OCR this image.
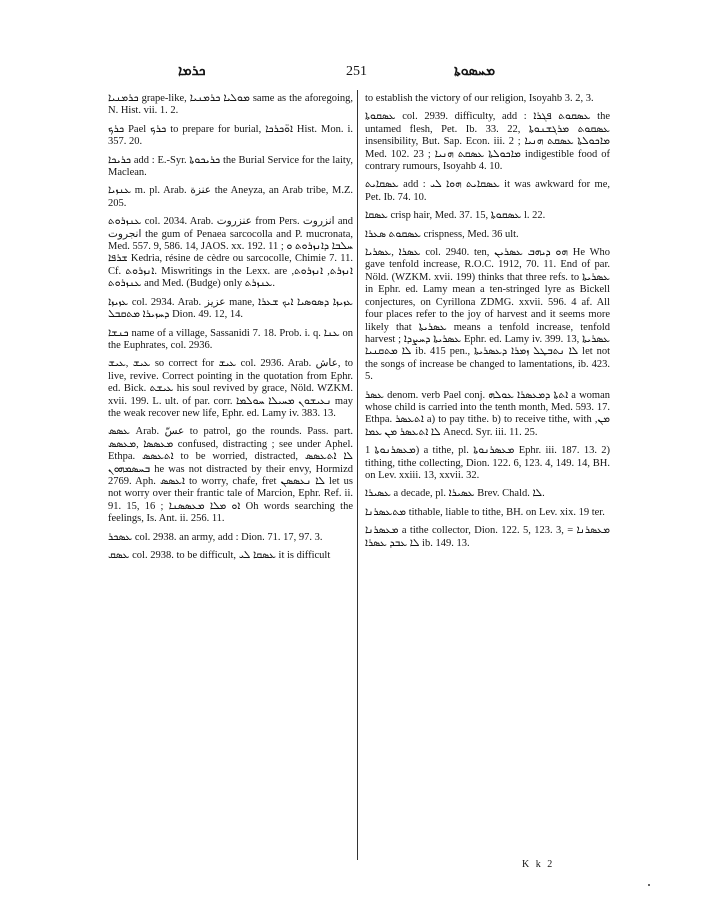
ܟܪܡܐ	251	ܡܚܣܘܬܐ

ܟܪܡܢܝܐ grape-like, ܡܘܠܝܐ ܟܪܡܢܝܐ same as the aforegoing, N. Hist. vii. 1. 2.

ܟܪܟ Pael ܟܪܟ to prepare for burial, ܐܘ̈ܟܪܟܐ Hist. Mon. i. 357. 20.

ܟܪܝܟܐ add : E.-Syr. ܟܪܝܟܘܬܐ the Burial Service for the laity, Maclean.

ܥܢܙܝܐ m. pl. Arab. عنزة the Aneyza, an Arab tribe, M.Z. 205.

ܥܢܙܪܘܬ col. 2034. Arab. عنزروت from Pers. انزروت and انجروت the gum of Penaea sarcocolla and P. mucronata, Med. 557. 9, 586. 14, JAOS. xx. 192. 11 ; ܚܠܒܐ ܕܐܢܙܪܘܬ ܘ ܫܪܦܐ Kedria, résine de cèdre ou sarcocolle, Chimie 7. 11. Cf. ܐܢܙܪܘܬ. Miswritings in the Lexx. are ܐܢܙܪܬ, ܐܢܙܪܘܬ, ܥܢܙܪܘܬ and Med. (Budge) only ܥܢܙܪܬ.

ܥܙܝܙܐ col. 2934. Arab. عزيز mane, ܥܙܝܙܐ ܕܣܘܣܝܐ ܐܝܟ ܫܥܪܐ ܕܚܙܝܪܐ ܡܬܩܒܠ Dion. 49. 12, 14.

ܟܢܫܐ name of a village, Sassanidi 7. 18. Prob. i. q. ܥܢܐ on the Euphrates, col. 2936.

ܥܝܫ ,ܥܝܫ so correct for ܥܝܫ col. 2936. Arab. عاش, to live, revive. Correct pointing in the quotation from Ephr. ed. Bick. ܥܝܫܬ his soul revived by grace, Nöld. WZKM. xvii. 199. L. ult. of par. corr. ܢܥܝܫܘܢ ܡܚܝܠܐ ܚܘܠܡܐ may the weak recover new life, Ephr. ed. Lamy iv. 383. 13.

ܥܣܣ Arab. عسّ to patrol, go the rounds. Pass. part. ܡܥܣܣܐ ,ܡܥܣܣ confused, distracting ; see under Aphel. Ethpa. ܐܬܥܣܣ to be worried, distracted, ܠܐ ܐܬܥܣܣ ܒܚܣܡܗܘܢ he was not distracted by their envy, Hormizd 2769. Aph. ܐܥܣܣ to worry, chafe, fret ܠܐ ܢܥܣܣܢ let us not worry over their frantic tale of Marcion, Ephr. Ref. ii. 91. 15, 16 ; ܐܘ ܡܠܐ ܡܥܣܣܢܐ Oh words searching the feelings, Is. Ant. ii. 256. 11.

ܥܣܟܪ col. 2938. an army, add : Dion. 71. 17, 97. 3.

ܥܣܩ col. 2938. to be difficult, ܥܣܩܐ ܠܝ it is difficult

to establish the victory of our religion, Isoyahb 3. 2, 3.

ܥܣܩܘܬܐ col. 2939. difficulty, add : ܥܣܩܘܬ ܦܓܪܐ the untamed flesh, Pet. Ib. 33. 22, ܥܣܩܘܬ ܡܪܓܫܢܘܬܐ insensibility, But. Sap. Econ. iii. 2 ; ܡܐܟܘܠܬܐ ܥܣܩܬ ܗܢܝܐ Med. 102. 23 ; ܡܐܟܘܠܬܐ ܥܣܩܬ ܗܢܝܐ indigestible food of contrary rumours, Isoyahb 4. 10.

ܥܣܩܐܝܬ add : ܥܣܩܐܝܬ ܗܘܐ ܠܝ it was awkward for me, Pet. Ib. 74. 10.

ܥܣܩܐ crisp hair, Med. 37. 15, ܥܣܩܘܬܐ l. 22.

ܥܣܩܘܬ ܣܥܪܐ crispness, Med. 36 ult.

ܥܣܪܐ ,ܥܣܪܝܐ col. 2940. ten, ܗܘ ܕܝܗܒ ܥܣܪܝܢ He Who gave tenfold increase, R.O.C. 1912, 70. 11. End of par. Nöld. (WZKM. xvii. 199) thinks that three refs. to ܥܣܪܝܬܐ in Ephr. ed. Lamy mean a ten-stringed lyre as Bickell conjectures, on Cyrillona ZDMG. xxvii. 596. 4 af. All four places refer to the joy of harvest and it seems more likely that ܥܣܪܝܬܐ means a tenfold increase, tenfold harvest ; ܥܣܪܝܬܐ ܕܚܨܕܐ Ephr. ed. Lamy iv. 399. 13, ܥܣܪܝܬܐ ܠܐ ܡܬܩܢܝܐ ib. 415 pen., ܠܐ ܢܬܒܛܠ ܙܡܪܐ ܕܥܣܪܝܬܐ let not the songs of increase be changed to lamentations, ib. 423. 5.

ܥܣܪ denom. verb Pael conj. ܐܬܬܐ ܕܡܥܣܪܐ ܥܘܠܗ a woman whose child is carried into the tenth month, Med. 593. 17. Ethpa. ܐܬܥܣܪ a) to pay tithe. b) to receive tithe, with ܡܢ, ܠܐ ܐܬܥܣܪ ܡܢ ܥܡܐ Anecd. Syr. iii. 11. 25.

ܡܥܣܪܢܘܬܐ 1) a tithe, pl. ܡܥܣܪܢܘܬܐ Ephr. iii. 187. 13. 2) tithing, tithe collecting, Dion. 122. 6, 123. 4, 149. 14, BH. on Lev. xxiii. 13, xxvii. 32.

ܥܣܝܪܐ a decade, pl. ܥܣܝܪܐ Brev. Chald. ܠܐ.

ܡܬܥܣܪܢܐ tithable, liable to tithe, BH. on Lev. xix. 19 ter.

ܡܥܣܪܢܐ a tithe collector, Dion. 122. 5, 123. 3, ܡܥܣܪܢܐ = ܠܐ ܥܒܕ ܥܣܪܐ ib. 149. 13.

K k 2
